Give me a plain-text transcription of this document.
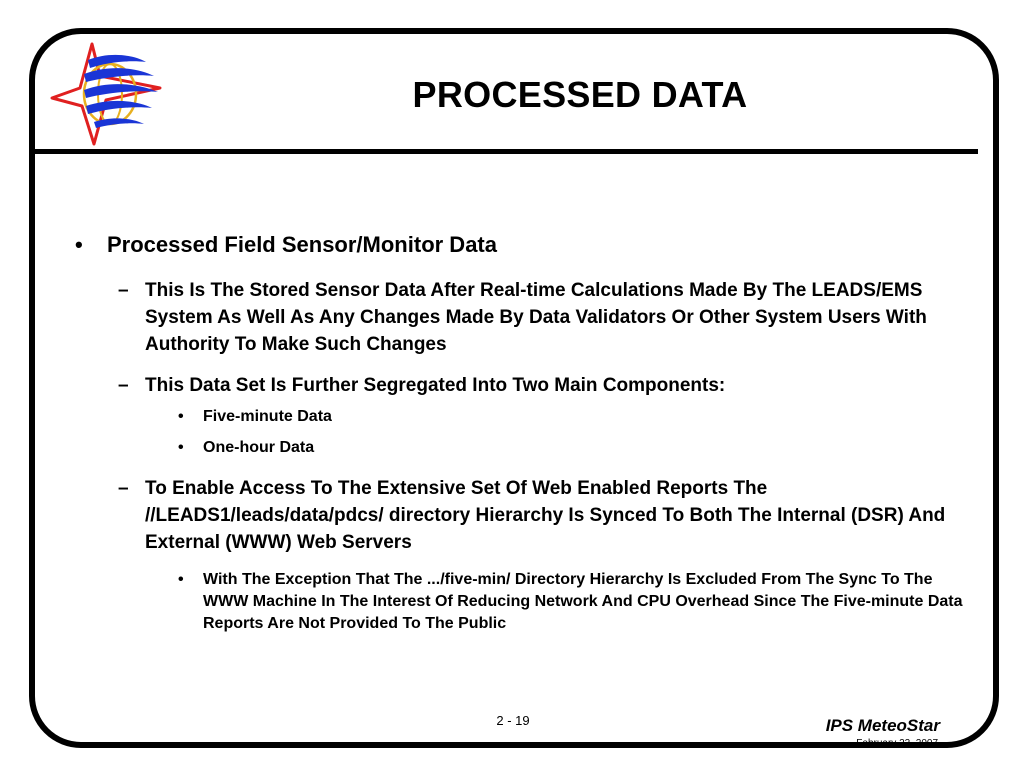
PROCESSED DATA
• Processed Field Sensor/Monitor Data
– This Is The Stored Sensor Data After Real-time Calculations Made By The LEADS/EMS System As Well As Any Changes Made By Data Validators Or Other System Users With Authority To Make Such Changes
– This Data Set Is Further Segregated Into Two Main Components:
• Five-minute Data
• One-hour Data
– To Enable Access To The Extensive Set Of Web Enabled Reports The //LEADS1/leads/data/pdcs/ directory Hierarchy Is Synced To Both The Internal (DSR) And External (WWW) Web Servers
• With The Exception That The .../five-min/ Directory Hierarchy Is Excluded From The Sync To The WWW Machine In The Interest Of Reducing Network And CPU Overhead Since The Five-minute Data Reports Are Not Provided To The Public
2 - 19	IPS MeteoStar
February 22, 2007
